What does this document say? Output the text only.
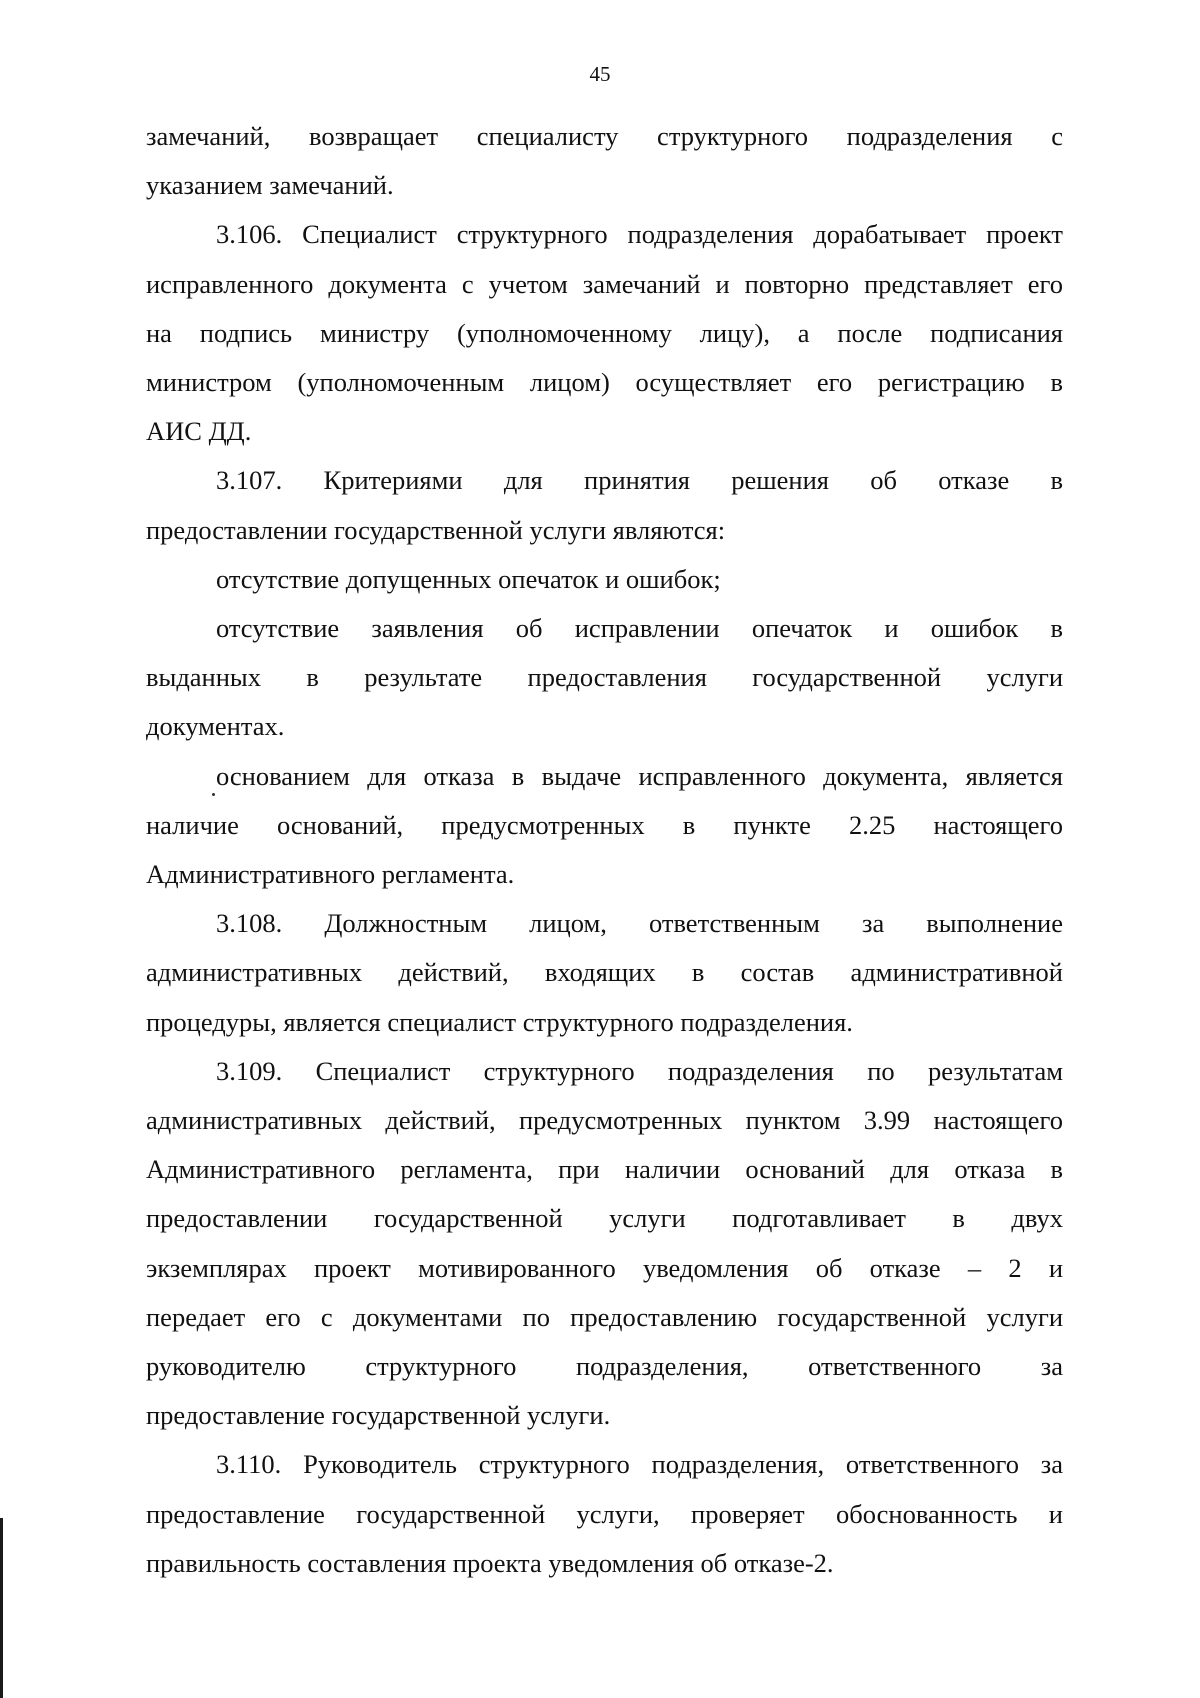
45
замечаний, возвращает специалисту структурного подразделения с
указанием замечаний.
3.106. Специалист структурного подразделения дорабатывает проект
исправленного документа с учетом замечаний и повторно представляет его
на подпись министру (уполномоченному лицу), а после подписания
министром (уполномоченным лицом) осуществляет его регистрацию в
АИС ДД.
3.107. Критериями для принятия решения об отказе в
предоставлении государственной услуги являются:
отсутствие допущенных опечаток и ошибок;
отсутствие заявления об исправлении опечаток и ошибок в
выданных в результате предоставления государственной услуги
документах.
основанием для отказа в выдаче исправленного документа, является
наличие оснований, предусмотренных в пункте 2.25 настоящего
Административного регламента.
3.108. Должностным лицом, ответственным за выполнение
административных действий, входящих в состав административной
процедуры, является специалист структурного подразделения.
3.109. Специалист структурного подразделения по результатам
административных действий, предусмотренных пунктом 3.99 настоящего
Административного регламента, при наличии оснований для отказа в
предоставлении государственной услуги подготавливает в двух
экземплярах проект мотивированного уведомления об отказе – 2 и
передает его с документами по предоставлению государственной услуги
руководителю структурного подразделения, ответственного за
предоставление государственной услуги.
3.110. Руководитель структурного подразделения, ответственного за
предоставление государственной услуги, проверяет обоснованность и
правильность составления проекта уведомления об отказе-2.
